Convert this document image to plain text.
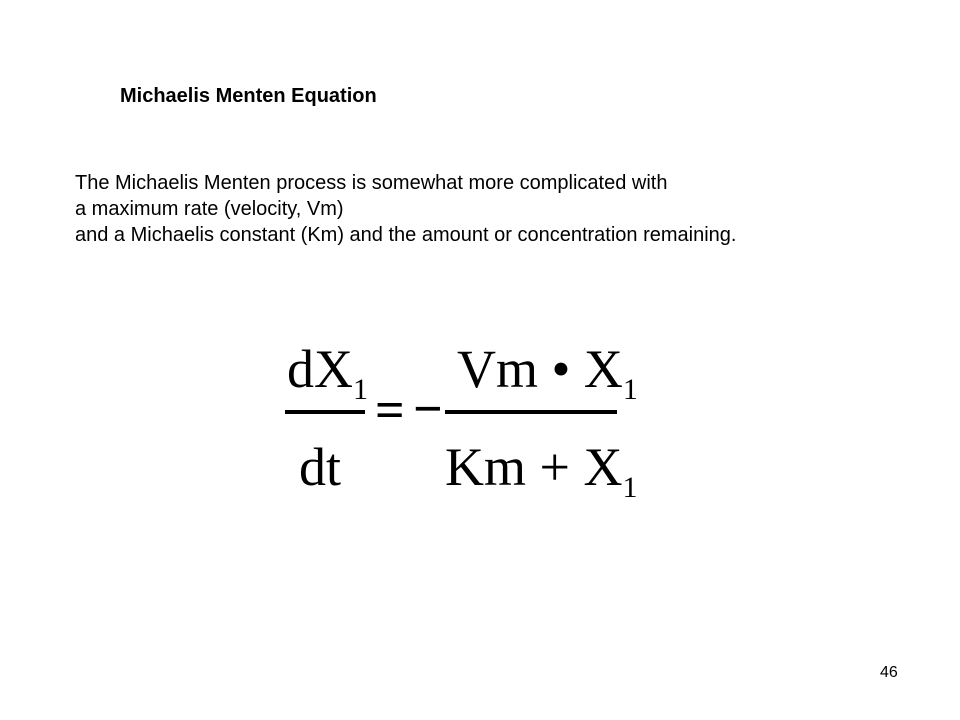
Michaelis Menten Equation
The Michaelis Menten process is somewhat more complicated with
a maximum rate (velocity, Vm)
and a Michaelis constant (Km) and the amount or concentration remaining.
$dX_1$
dt
= −
Vm • $X_1$
$Km + X_1$
46
